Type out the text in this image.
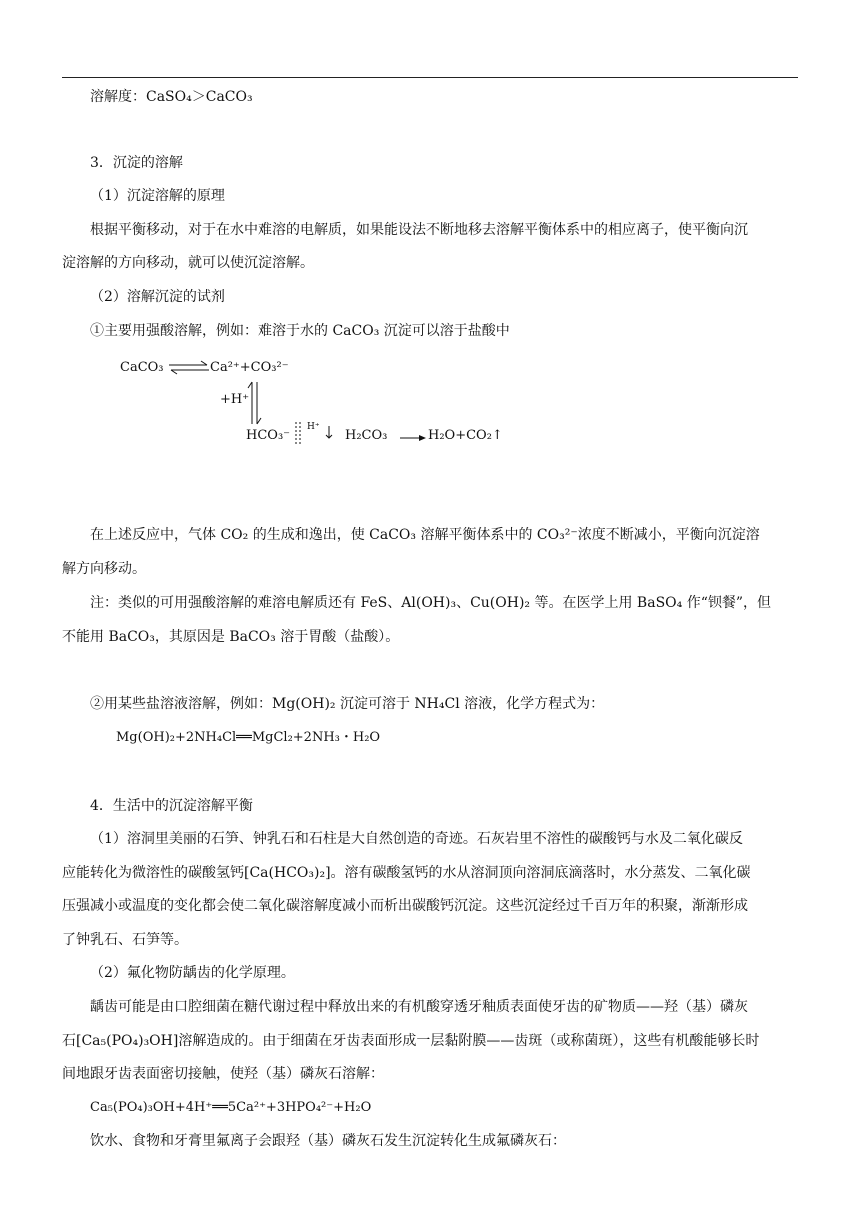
溶解度：CaSO₄＞CaCO₃
3．沉淀的溶解
（1）沉淀溶解的原理
根据平衡移动，对于在水中难溶的电解质，如果能设法不断地移去溶解平衡体系中的相应离子，使平衡向沉
淀溶解的方向移动，就可以使沉淀溶解。
（2）溶解沉淀的试剂
①主要用强酸溶解，例如：难溶于水的 CaCO₃ 沉淀可以溶于盐酸中
CaCO₃ ⇌ Ca²⁺+CO₃²⁻
+H⁺
HCO₃⁻
H⁺
H₂CO₃	H₂O+CO₂↑
在上述反应中，气体 CO₂ 的生成和逸出，使 CaCO₃ 溶解平衡体系中的 CO₃²⁻浓度不断减小，平衡向沉淀溶
解方向移动。
注：类似的可用强酸溶解的难溶电解质还有 FeS、Al(OH)₃、Cu(OH)₂ 等。在医学上用 BaSO₄ 作“钡餐”，但
不能用 BaCO₃，其原因是 BaCO₃ 溶于胃酸（盐酸）。
②用某些盐溶液溶解，例如：Mg(OH)₂ 沉淀可溶于 NH₄Cl 溶液，化学方程式为：
Mg(OH)₂+2NH₄Cl══MgCl₂+2NH₃・H₂O
4．生活中的沉淀溶解平衡
（1）溶洞里美丽的石笋、钟乳石和石柱是大自然创造的奇迹。石灰岩里不溶性的碳酸钙与水及二氧化碳反
应能转化为微溶性的碳酸氢钙[Ca(HCO₃)₂]。溶有碳酸氢钙的水从溶洞顶向溶洞底滴落时，水分蒸发、二氧化碳
压强减小或温度的变化都会使二氧化碳溶解度减小而析出碳酸钙沉淀。这些沉淀经过千百万年的积聚，渐渐形成
了钟乳石、石笋等。
（2）氟化物防龋齿的化学原理。
龋齿可能是由口腔细菌在糖代谢过程中释放出来的有机酸穿透牙釉质表面使牙齿的矿物质——羟（基）磷灰
石[Ca₅(PO₄)₃OH]溶解造成的。由于细菌在牙齿表面形成一层黏附膜——齿斑（或称菌斑），这些有机酸能够长时
间地跟牙齿表面密切接触，使羟（基）磷灰石溶解：
Ca₅(PO₄)₃OH+4H⁺══5Ca²⁺+3HPO₄²⁻+H₂O
饮水、食物和牙膏里氟离子会跟羟（基）磷灰石发生沉淀转化生成氟磷灰石：
